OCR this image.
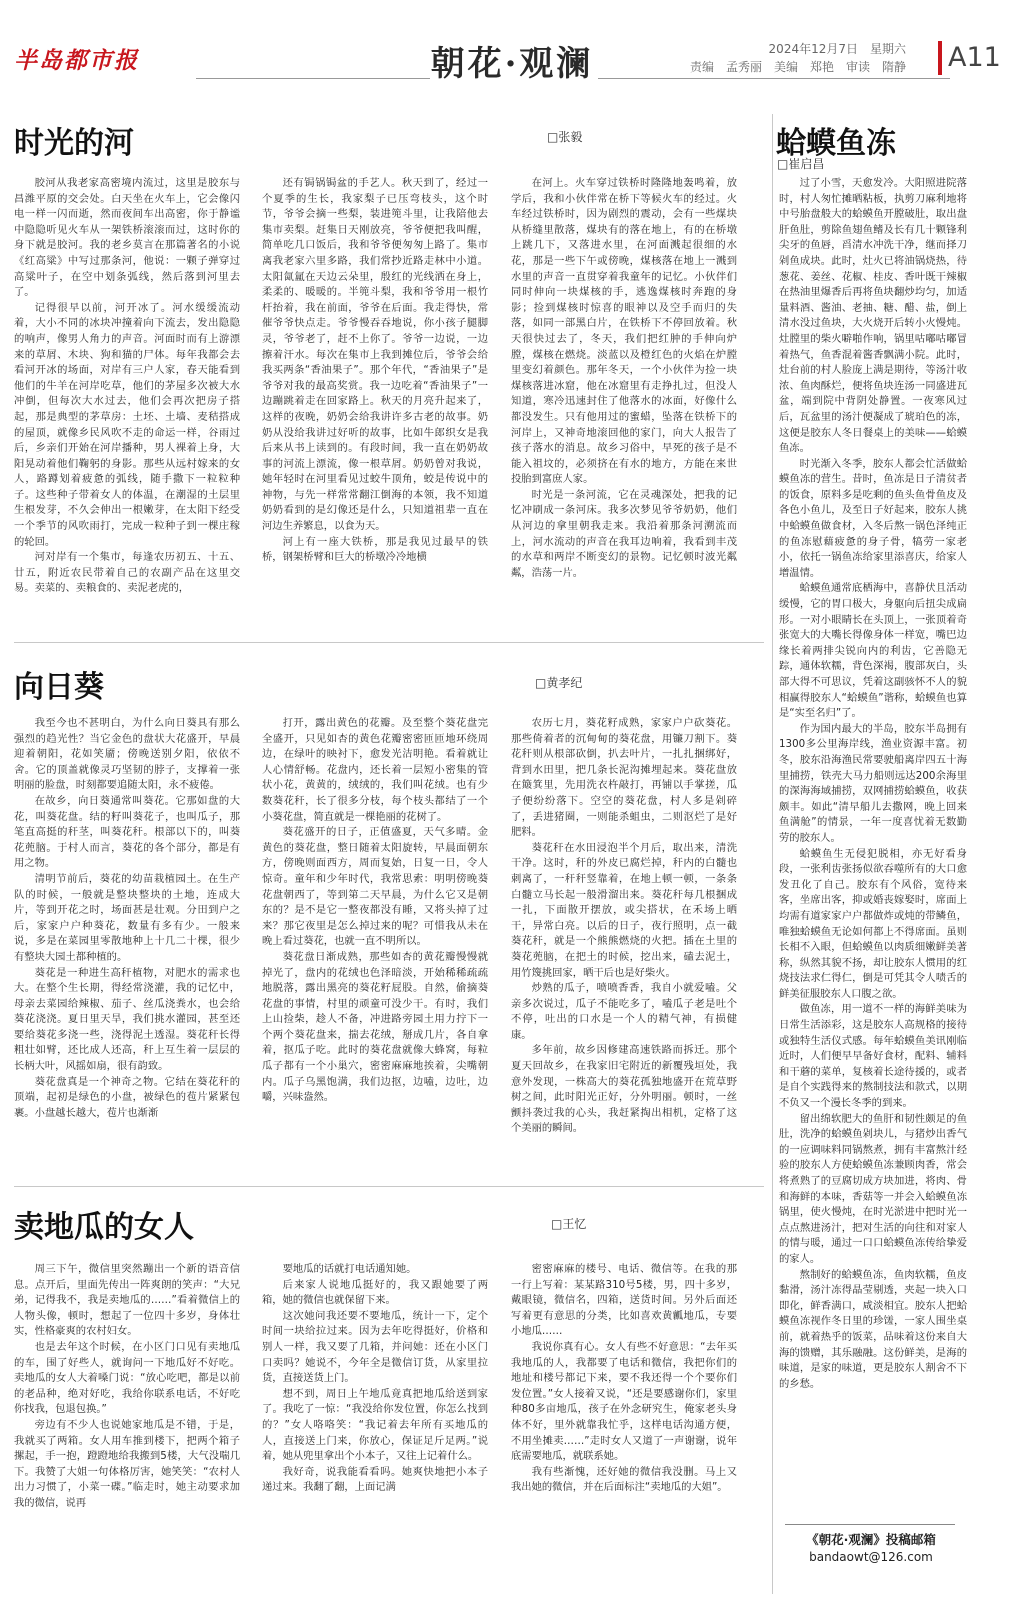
半岛都市报	朝花·观澜	2024年12月7日　星期六
责编　孟秀丽　美编　郑艳　审读　隋静 A11
时光的河	□张毅

胶河从我老家高密境内流过，这里是胶东与昌潍平原的交会处。白天坐在火车上，它会像闪电一样一闪而逝，然而夜间车出高密，你于静谧中隐隐听见火车从一架铁桥滚滚而过，这时你的身下就是胶河。我的老乡莫言在那篇著名的小说《红高粱》中写过那条河，他说：一颗子弹穿过高粱叶子，在空中划条弧线，然后落到河里去了。

记得很早以前，河开冰了。河水缓缓流动着，大小不同的冰块冲撞着向下流去，发出隐隐的响声，像男人角力的声音。河面时而有上游漂来的草屑、木块、狗和猫的尸体。每年我都会去看河开冰的场面，对岸有三户人家，春天能看到他们的牛羊在河岸吃草，他们的茅屋多次被大水冲倒，但每次大水过去，他们会再次把房子搭起，那是典型的茅草房：土坯、土墙、麦秸搭成的屋顶，就像乡民风吹不走的命运一样，谷雨过后，乡亲们开始在河岸播种，男人裸着上身，大阳晃动着他们鞠躬的身影。那些从远村嫁来的女人，路蹲划着疲惫的弧线，随手撒下一粒粒种子。这些种子带着女人的体温，在潮湿的土层里生根发芽，不久会伸出一根嫩芽，在太阳下经受一个季节的风吹雨打，完成一粒种子到一棵庄稼的轮回。

河对岸有一个集市，每逢农历初五、十五、廿五，附近农民带着自己的农副产品在这里交易。卖菜的、卖粮食的、卖泥老虎的，

还有锔锅锔盆的手艺人。秋天到了，经过一个夏季的生长，我家梨子已压弯枝头，这个时节，爷爷会摘一些梨，装进篼斗里，让我陪他去集市卖梨。赶集日天刚放亮，爷爷便把我叫醒，简单吃几口饭后，我和爷爷便匆匆上路了。集市离我老家六里多路，我们常抄近路走林中小道。太阳氤氲在天边云朵里，殷红的光线洒在身上，柔柔的、暖暖的。半篼斗梨，我和爷爷用一根竹杆抬着，我在前面，爷爷在后面。我走得快，常催爷爷快点走。爷爷慢吞吞地说，你小孩子腿脚灵，爷爷老了，赶不上你了。爷爷一边说，一边擦着汗水。每次在集市上我到摊位后，爷爷会给我买两条“香油果子”。那个年代，“香油果子”是爷爷对我的最高奖赏。我一边吃着“香油果子”一边蹦跳着走在回家路上。秋天的月亮升起来了，这样的夜晚，奶奶会给我讲许多古老的故事。奶奶从没给我讲过好听的故事，比如牛郎织女是我后来从书上读到的。有段时间，我一直在奶奶故事的河流上漂流，像一根草屑。奶奶曾对我说，她年轻时在河里看见过蛟牛顶角，蛟是传说中的神物，与先一样常常翻江倒海的本领，我不知道奶奶看到的是幻像还是什么，只知道祖辈一直在河边生养繁息，以食为天。

河上有一座大铁桥，那是我见过最早的铁桥，钢架桥臂和巨大的桥墩冷冷地横

在河上。火车穿过铁桥时隆隆地轰鸣着，放学后，我和小伙伴常在桥下等候火车的经过。火车经过铁桥时，因为剧烈的震动，会有一些煤块从桥缝里散落，煤块有的落在地上，有的在桥墩上跳几下，又落进水里，在河面溅起很细的水花，那是一些下午或傍晚，煤核落在地上一溅到水里的声音一直贯穿着我童年的记忆。小伙伴们同时伸向一块煤核的手，逃逸煤核时奔跑的身影；捡到煤核时惊喜的眼神以及空手而归的失落，如同一部黑白片，在铁桥下不停回放着。秋天很快过去了，冬天，我们把红肿的手伸向炉膛，煤核在燃烧。淡蓝以及橙红色的火焰在炉膛里变幻着颜色。那年冬天，一个小伙伴为捡一块煤核落进冰窟，他在冰窟里有走挣扎过，但没人知道，寒冷迅速封住了他落水的冰面，好像什么都没发生。只有他用过的蜜蜡，坠落在铁桥下的河岸上，又神奇地滚回他的家门，向大人报告了孩子落水的消息。故乡习俗中，早死的孩子是不能入祖坟的，必须挤在有水的地方，方能在来世投胎到富庶人家。

时光是一条河流，它在灵魂深处，把我的记忆冲刷成一条河床。我多次梦见爷爷奶奶，他们从河边的拿里朝我走来。我沿着那条河溯流而上，河水流动的声音在我耳边响着，我看到丰茂的水草和两岸不断变幻的景物。记忆顿时波光粼粼，浩荡一片。

向日葵	□黄孝纪

我至今也不甚明白，为什么向日葵具有那么强烈的趋光性？当它金色的盘状大花盛开，早晨迎着朝阳，花如笑靥；傍晚送别夕阳，依依不舍。它的顶盖就像灵巧坚韧的脖子，支撑着一张明丽的脸盘，时刻都要追随太阳，永不疲倦。

在故乡，向日葵通常叫葵花。它那如盘的大花，叫葵花盘。结的籽叫葵花子，也叫瓜子，那笔直高挺的秆茎，叫葵花秆。根部以下的，叫葵花蔸脑。于村人而言，葵花的各个部分，都是有用之物。

清明节前后，葵花的幼苗栽植园土。在生产队的时候，一般就是整块整块的土地，连成大片，等到开花之时，场面甚是壮观。分田到户之后，家家户户种葵花，数量有多有少。一般来说，多是在菜园里零散地种上十几二十棵，很少有整块大园土都种植的。

葵花是一种进生高秆植物，对肥水的需求也大。在整个生长期，得经常浇灌，我的记忆中，母亲去菜园给辣椒、茄子、丝瓜浇粪水，也会给葵花浇浇。夏日里天旱，我们挑水灌园，甚至还要给葵花多浇一些，浇得泥土透湿。葵花秆长得粗壮如臂，还比成人还高，秆上互生着一层层的长柄大叶，风摇如扇，很有韵致。

葵花盘真是一个神奇之物。它结在葵花秆的顶端，起初是绿色的小盘，被绿色的苞片紧紧包裹。小盘越长越大，苞片也渐渐

打开，露出黄色的花瓣。及至整个葵花盘完全盛开，只见如杏的黄色花瓣密密匝匝地环绕周边，在绿叶的映衬下，愈发光洁明艳。看着就让人心情舒畅。花盘内，还长着一层短小密集的管状小花，黄黄的，绒绒的，我们叫花绒。也有少数葵花秆，长了很多分枝，每个枝头都结了一个小葵花盘，简直就是一棵艳丽的花树了。

葵花盛开的日子，正值盛夏，天气多晴。金黄色的葵花盘，整日随着太阳旋转，早晨面朝东方，傍晚则面西方，周而复始，日复一日，令人惊奇。童年和少年时代，我常思索：明明傍晚葵花盘朝西了，等到第二天早晨，为什么它又是朝东的？是不是它一整夜都没有睡，又将头掉了过来？那它夜里是怎么掉过来的呢？可惜我从未在晚上看过葵花，也就一直不明所以。

葵花盘日渐成熟，那些如杏的黄花瓣慢慢就掉光了，盘内的花绒也色泽暗淡，开始稀稀疏疏地脱落，露出黑亮的葵花籽屁股。自然，偷摘葵花盘的事情，村里的顽童可没少干。有时，我们上山捡柴，趁人不备，冲进路旁园土用力拧下一个两个葵花盘来，揣去花绒，掰成几片，各自拿着，抠瓜子吃。此时的葵花盘就像大蜂窝，每粒瓜子都有一个小巢穴，密密麻麻地挨着，尖嘴朝内。瓜子乌黑饱满，我们边抠，边嗑，边吐，边嚼，兴味盎然。

农历七月，葵花籽成熟，家家户户砍葵花。那些倚着者的沉甸甸的葵花盘，用镰刀割下。葵花秆则从根部砍倒，扒去叶片，一扎扎捆绑好，背到水田里，把几条长泥沟摊埋起来。葵花盘放在簸箕里，先用洗衣杵敲打，再铺以手掌搓，瓜子便纷纷落下。空空的葵花盘，村人多是剁碎了，丢进猪圈，一则能杀蛆虫，二则沤烂了是好肥料。

葵花秆在水田浸泡半个月后，取出来，清洗干净。这时，秆的外皮已腐烂掉，秆内的白髓也刺离了，一秆秆竖靠着，在地上顿一顿，一条条白髓立马长起一般滑溜出来。葵花秆每几根捆成一扎，下面散开摆放，或尖搭状，在禾场上晒干，异常白亮。以后的日子，夜行照明，点一截葵花秆，就是一个熊熊燃烧的火把。插在土里的葵花蔸脑，在把土的时候，挖出来，磕去泥土，用竹篾挑回家，晒干后也是好柴火。

炒熟的瓜子，喷喷香香，我自小就爱嗑。父亲多次说过，瓜子不能吃多了，嗑瓜子老是吐个不停，吐出的口水是一个人的精气神，有损健康。

多年前，故乡因修建高速铁路而拆迁。那个夏天回故乡，在我家旧宅附近的新覆残垣处，我意外发现，一株高大的葵花孤独地盛开在荒草野树之间，此时阳光正好，分外明丽。顿时，一丝颤抖袭过我的心头，我赶紧掏出相机，定格了这个美丽的瞬间。

卖地瓜的女人	□王忆

周三下午，微信里突然蹦出一个新的语音信息。点开后，里面先传出一阵爽朗的笑声：“大兄弟，记得我不，我是卖地瓜的……”看着微信上的人物头像，顿时，想起了一位四十多岁，身体壮实，性格豪爽的农村妇女。

也是去年这个时候，在小区门口见有卖地瓜的车，围了好些人，就询问一下地瓜好不好吃。卖地瓜的女人大着嗓门说：“放心吃吧，都是以前的老品种，绝对好吃，我给你联系电话，不好吃你找我，包退包换。”

旁边有不少人也说她家地瓜是不错，于是，我就买了两箱。女人用车推到楼下，把两个箱子摞起，手一抱，蹬蹬地给我搬到5楼，大气没喘几下。我赞了大姐一句体格厉害，她笑笑：“农村人出力习惯了，小菜一碟。”临走时，她主动要求加我的微信，说再

要地瓜的话就打电话通知她。

后来家人说地瓜挺好的，我又跟她要了两箱，她的微信也就保留下来。

这次她问我还要不要地瓜，统计一下，定个时间一块给拉过来。因为去年吃得挺好，价格和别人一样，我又要了几箱，并问她：还在小区门口卖吗？她说不，今年全是微信订货，从家里拉货，直接送货上门。

想不到，周日上午地瓜竟真把地瓜给送到家了。我吃了一惊：“我没给你发位置，你怎么找到的？”女人咯咯笑：“我记着去年所有买地瓜的人，直接送上门来，你放心，保证足斤足两。”说着，她从兜里拿出个小本子，又往上记着什么。

我好奇，说我能看看吗。她爽快地把小本子递过来。我翻了翻，上面记满

密密麻麻的楼号、电话、微信等。在我的那一行上写着：某某路310号5楼，男，四十多岁，戴眼镜，微信名，四箱，送货时间。另外后面还写着更有意思的分类，比如喜欢黄瓤地瓜，专要小地瓜……

我说你真有心。女人有些不好意思：“去年买我地瓜的人，我都要了电话和微信，我把你们的地址和楼号都记下来，要不我还得一个个要你们发位置。”女人接着又说，“还是要感谢你们，家里种80多亩地瓜，孩子在外念研究生，俺家老头身体不好，里外就靠我忙乎，这样电话沟通方便，不用坐摊卖……”走时女人又道了一声谢谢，说年底需要地瓜，就联系她。

我有些渐愧，还好她的微信我没删。马上又我出她的微信，并在后面标注“卖地瓜的大姐”。

蛤蟆鱼冻
□崔启昌

过了小雪，天愈发冷。大阳照进院落时，村人匆忙摊晒粘板，执剪刀麻利地将中号胎盘般大的蛤蟆鱼开膛破肚，取出盘肝鱼肚，剪除鱼翅鱼鳍及长有几十颗锋利尖牙的鱼唇，舀清水冲洗干净，继而择刀剁鱼成块。此时，灶火已将油锅烧热，待葱花、姜丝、花椒、桂皮、香叶既干辣椒在热油里爆香后再将鱼块翻炒均匀，加适量料酒、酱油、老抽、糖、醋、盐，倒上清水没过鱼块，大火烧开后转小火慢炖。灶膛里的柴火噼啪作响，锅里咕嘟咕嘟冒着热气，鱼香混着酱香飘满小院。此时，灶台前的村人脸庞上满是期待，等汤汁收浓、鱼肉酥烂，便将鱼块连汤一同盛进瓦盆，端到院中背阴处静置。一夜寒风过后，瓦盆里的汤汁便凝成了琥珀色的冻，这便是胶东人冬日餐桌上的美味——蛤蟆鱼冻。

时光渐入冬季，胶东人都会忙活做蛤蟆鱼冻的营生。昔时，鱼冻是日子清贫者的饭食，原料多是吃剩的鱼头鱼骨鱼皮及各色小鱼儿，及至日子好起来，胶东人挑中蛤蟆鱼做食材，入冬后熬一锅色泽纯正的鱼冻慰藉疲惫的身子骨，犒劳一家老小，依托一锅鱼冻给家里添喜庆，给家人增温情。

蛤蟆鱼通常底栖海中，喜静伏且活动缓慢，它的胃口极大，身躯向后扭尖成扁形。一对小眼睛长在头顶上，一张顶着奇张宽大的大嘴长得像身体一样宽，嘴巴边缘长着两排尖锐向内的利齿，它善隐无踪，通体软糯，背色深褐，腹部灰白，头部大得不可思议，凭着这副骇怀不人的貌相赢得胶东人“蛤蟆鱼”谐称，蛤蟆鱼也算是“实至名归”了。

作为国内最大的半岛，胶东半岛拥有1300多公里海岸线，渔业资源丰富。初冬，胶东沿海渔民常要驶船离岸四五十海里捕捞，铁壳大马力船则远达200余海里的深海海域捕捞，双网捕捞蛤蟆鱼，收获颇丰。如此“清早船儿去撒网，晚上回来鱼满舱”的情景，一年一度喜忧着无数勤劳的胶东人。

蛤蟆鱼生无侵犯脱相，亦无好看身段，一张利齿张扬似欲吞噬所有的大口愈发丑化了自己。胶东有个风俗，宽待来客，坐席出客，抑或婚丧嫁娶时，席面上均需有道家家户户都做炸或炖的带鳞鱼，唯独蛤蟆鱼无论如何都上不得席面。虽则长相不入眼，但蛤蟆鱼以肉质细嫩鲜美著称，纵然其貌不扬，却让胶东人惯用的红烧技法求仁得仁，倒是可凭其令人啧舌的鲜美征服胶东人口腹之欲。

做鱼冻，用一道不一样的海鲜美味为日常生活添彩，这是胶东人高规格的接待或独特生活仪式感。每年蛤蟆鱼美讯刚临近时，人们便早早备好食材，配料、辅料和干蘑的菜单，复核着长途待援的，或者是自个实践得来的熬制技法和款式，以期不负又一个漫长冬季的到来。

留出绵软肥大的鱼肝和韧性颇足的鱼肚，洗净的蛤蟆鱼剁块儿，与猪炒出香气的一应调味料同锅熬煮，拥有丰富熬汁经验的胶东人方使蛤蟆鱼冻兼顾肉香，常会将煮熟了的豆腐切成方块加进，将肉、骨和海鲜的本味，香菇等一并会入蛤蟆鱼冻锅里，使火慢炖，在时光淤进中把时光一点点熬进汤汁，把对生活的向往和对家人的情与暖，通过一口口蛤蟆鱼冻传给挚爱的家人。

熬制好的蛤蟆鱼冻，鱼肉软糯，鱼皮黏滑，汤汁冻得晶莹剔透，夹起一块入口即化，鲜香满口，咸淡相宜。胶东人把蛤蟆鱼冻视作冬日里的珍馐，一家人围坐桌前，就着热乎的饭菜，品味着这份来自大海的馈赠，其乐融融。这份鲜美，是海的味道，是家的味道，更是胶东人割舍不下的乡愁。

《朝花·观澜》投稿邮箱
bandaowt@126.com
